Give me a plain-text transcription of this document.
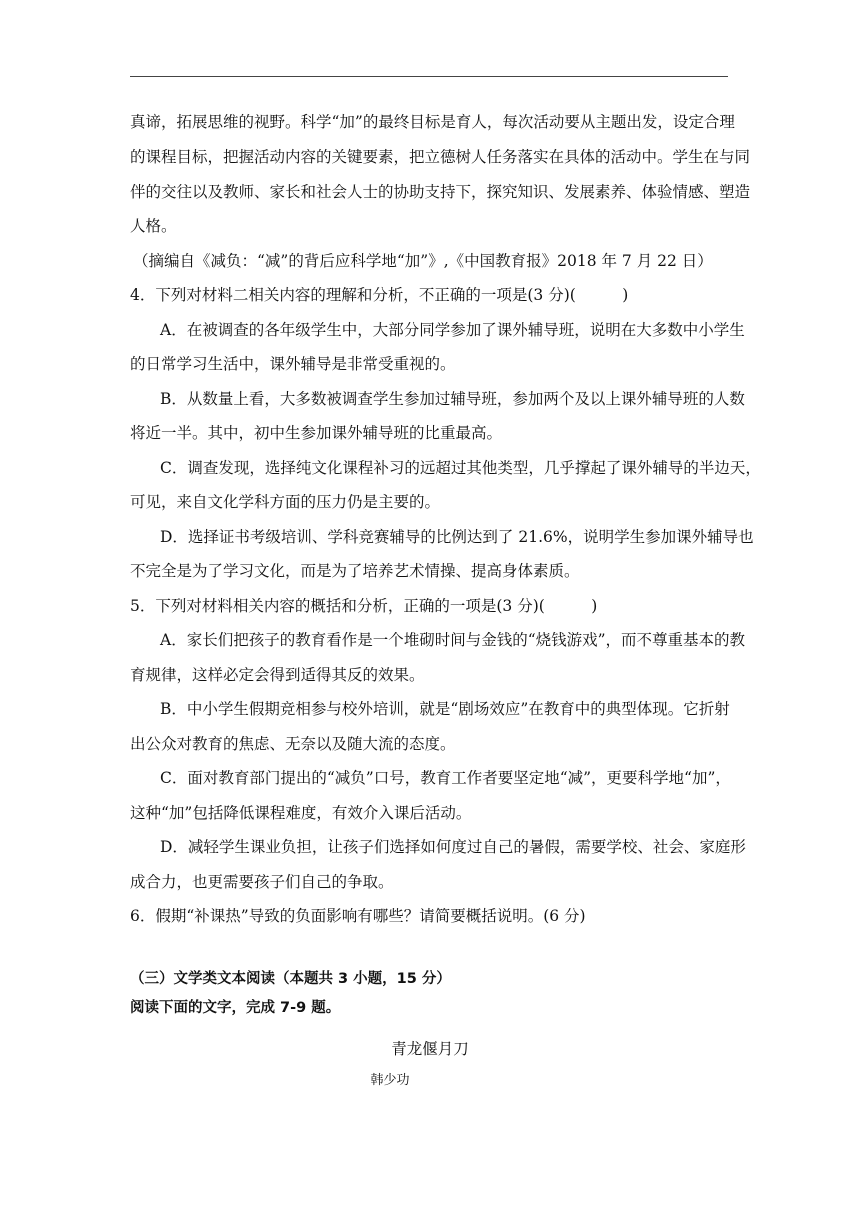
真谛，拓展思维的视野。科学“加”的最终目标是育人，每次活动要从主题出发，设定合理
的课程目标，把握活动内容的关键要素，把立德树人任务落实在具体的活动中。学生在与同
伴的交往以及教师、家长和社会人士的协助支持下，探究知识、发展素养、体验情感、塑造
人格。
（摘编自《减负：“减”的背后应科学地“加”》,《中国教育报》2018 年 7 月 22 日）
4．下列对材料二相关内容的理解和分析，不正确的一项是(3 分)(　　　)
A．在被调查的各年级学生中，大部分同学参加了课外辅导班，说明在大多数中小学生
的日常学习生活中，课外辅导是非常受重视的。
B．从数量上看，大多数被调查学生参加过辅导班，参加两个及以上课外辅导班的人数
将近一半。其中，初中生参加课外辅导班的比重最高。
C．调查发现，选择纯文化课程补习的远超过其他类型，几乎撑起了课外辅导的半边天，
可见，来自文化学科方面的压力仍是主要的。
D．选择证书考级培训、学科竞赛辅导的比例达到了 21.6%，说明学生参加课外辅导也
不完全是为了学习文化，而是为了培养艺术情操、提高身体素质。
5．下列对材料相关内容的概括和分析，正确的一项是(3 分)(　　　)
A．家长们把孩子的教育看作是一个堆砌时间与金钱的“烧钱游戏”，而不尊重基本的教
育规律，这样必定会得到适得其反的效果。
B．中小学生假期竞相参与校外培训，就是“剧场效应”在教育中的典型体现。它折射
出公众对教育的焦虑、无奈以及随大流的态度。
C．面对教育部门提出的“减负”口号，教育工作者要坚定地“减”，更要科学地“加”，
这种“加”包括降低课程难度，有效介入课后活动。
D．减轻学生课业负担，让孩子们选择如何度过自己的暑假，需要学校、社会、家庭形
成合力，也更需要孩子们自己的争取。
6．假期“补课热”导致的负面影响有哪些？请简要概括说明。(6 分)
（三）文学类文本阅读（本题共 3 小题，15 分）
阅读下面的文字，完成 7-9 题。
青龙偃月刀
韩少功
